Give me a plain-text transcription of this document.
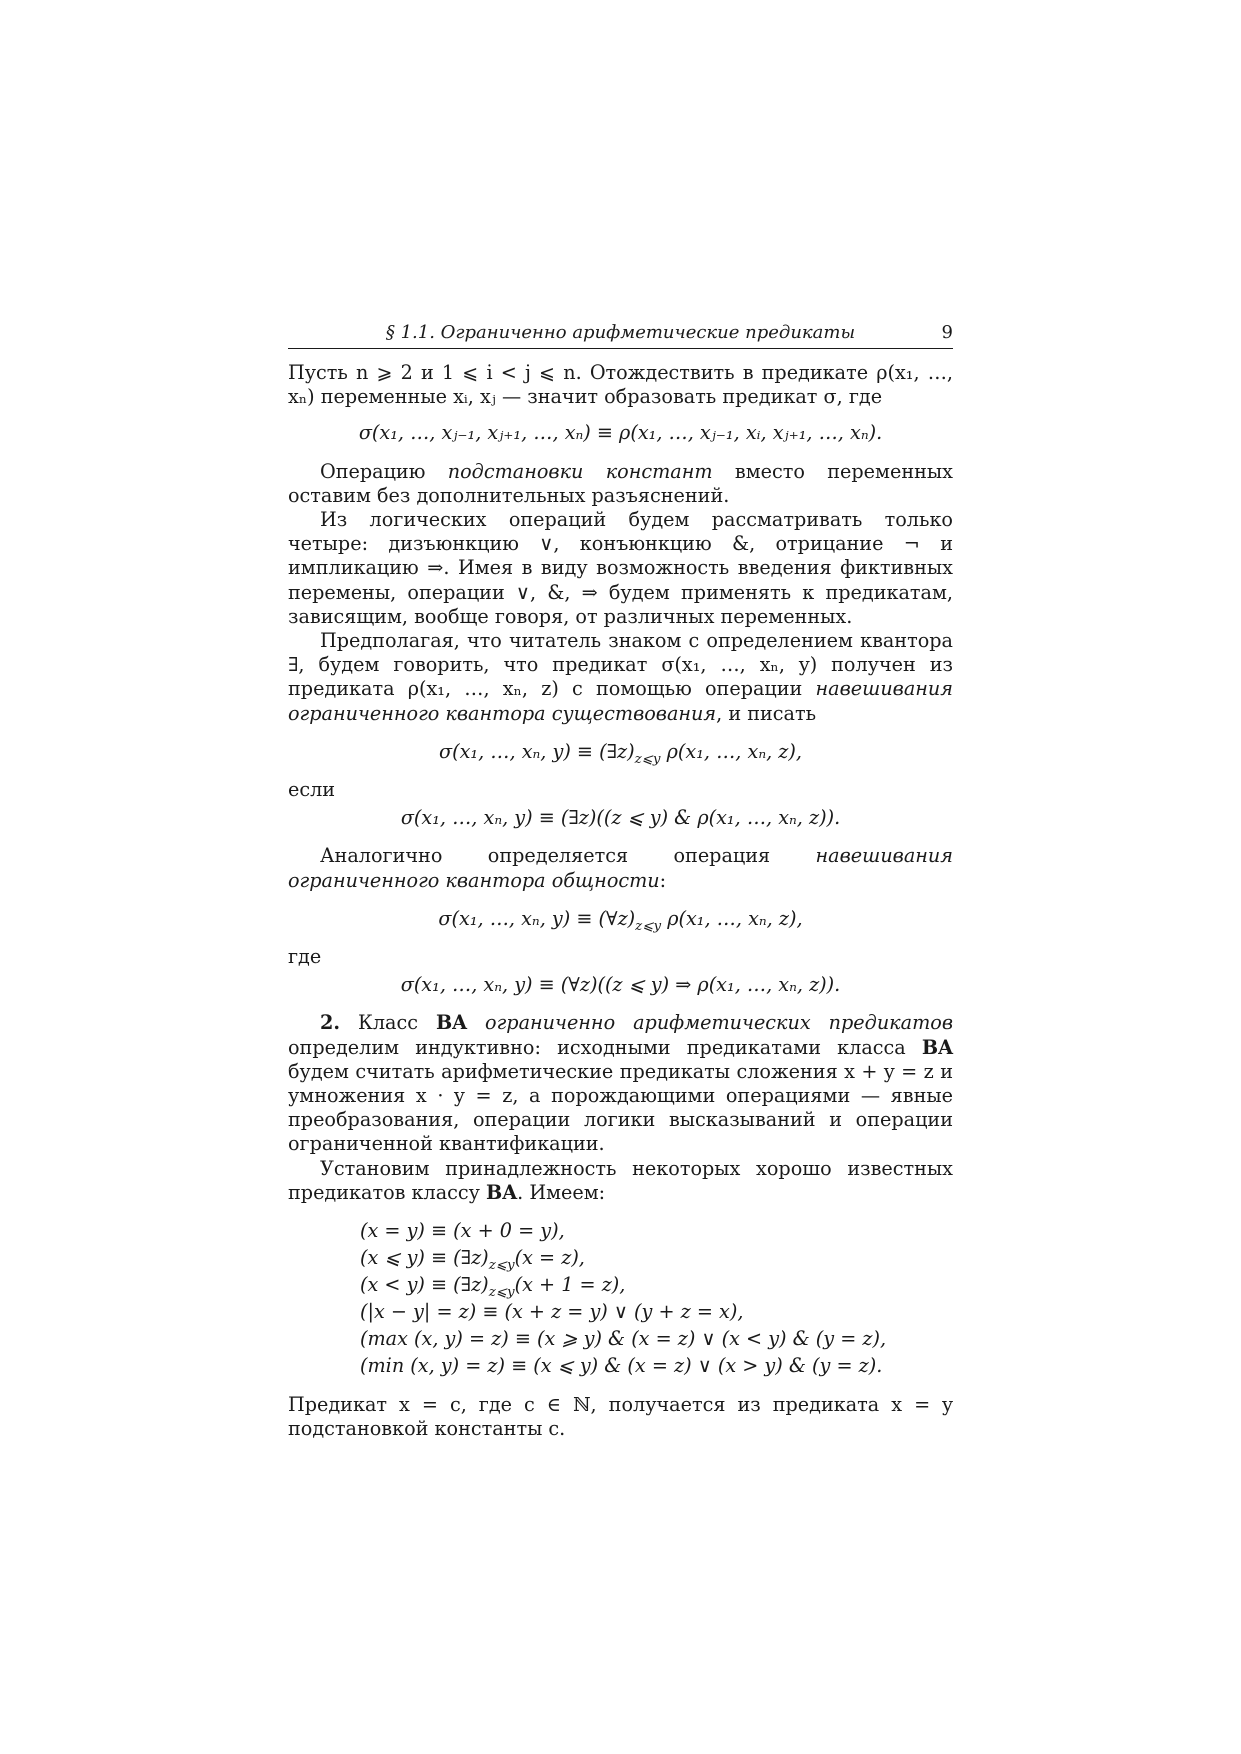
§ 1.1. Ограниченно арифметические предикаты	9

Пусть n ⩾ 2 и 1 ⩽ i < j ⩽ n. Отождествить в предикате ρ(x₁, …, xₙ) переменные xᵢ, xⱼ — значит образовать предикат σ, где

σ(x₁, …, xⱼ₋₁, xⱼ₊₁, …, xₙ) ≡ ρ(x₁, …, xⱼ₋₁, xᵢ, xⱼ₊₁, …, xₙ).

Операцию подстановки констант вместо переменных оставим без дополнительных разъяснений.

Из логических операций будем рассматривать только четыре: дизъюнкцию ∨, конъюнкцию &, отрицание ¬ и импликацию ⇒. Имея в виду возможность введения фиктивных перемены, операции ∨, &, ⇒ будем применять к предикатам, зависящим, вообще говоря, от различных переменных.

Предполагая, что читатель знаком с определением квантора ∃, будем говорить, что предикат σ(x₁, …, xₙ, y) получен из предиката ρ(x₁, …, xₙ, z) с помощью операции навешивания ограниченного квантора существования, и писать

σ(x₁, …, xₙ, $y) \equiv (\exists z)_{z⩽y}$ ρ(x₁, …, xₙ, z),

если

σ(x₁, …, xₙ, y) ≡ (∃z)((z ⩽ y) & ρ(x₁, …, xₙ, z)).

Аналогично определяется операция навешивания ограниченного квантора общности:

σ(x₁, …, xₙ, $y) \equiv (\forall z)_{z⩽y}$ ρ(x₁, …, xₙ, z),

где

σ(x₁, …, xₙ, y) ≡ (∀z)((z ⩽ y) ⇒ ρ(x₁, …, xₙ, z)).

2. Класс BA ограниченно арифметических предикатов определим индуктивно: исходными предикатами класса BA будем считать арифметические предикаты сложения x + y = z и умножения x · y = z, а порождающими операциями — явные преобразования, операции логики высказываний и операции ограниченной квантификации.

Установим принадлежность некоторых хорошо известных предикатов классу BA. Имеем:

(x = y) ≡ (x + 0 = y),
(x ⩽ $y) \equiv (\exists z)_{z⩽y}(x = z)$,
$(x < y) \equiv (\exists z)_{z⩽y}(x + 1 = z)$,
(|x − y| = z) ≡ (x + z = y) ∨ (y + z = x),
(max (x, y) = z) ≡ (x ⩾ y) & (x = z) ∨ (x < y) & (y = z),
(min (x, y) = z) ≡ (x ⩽ y) & (x = z) ∨ (x > y) & (y = z).

Предикат x = c, где c ∈ ℕ, получается из предиката x = y подстановкой константы c.
